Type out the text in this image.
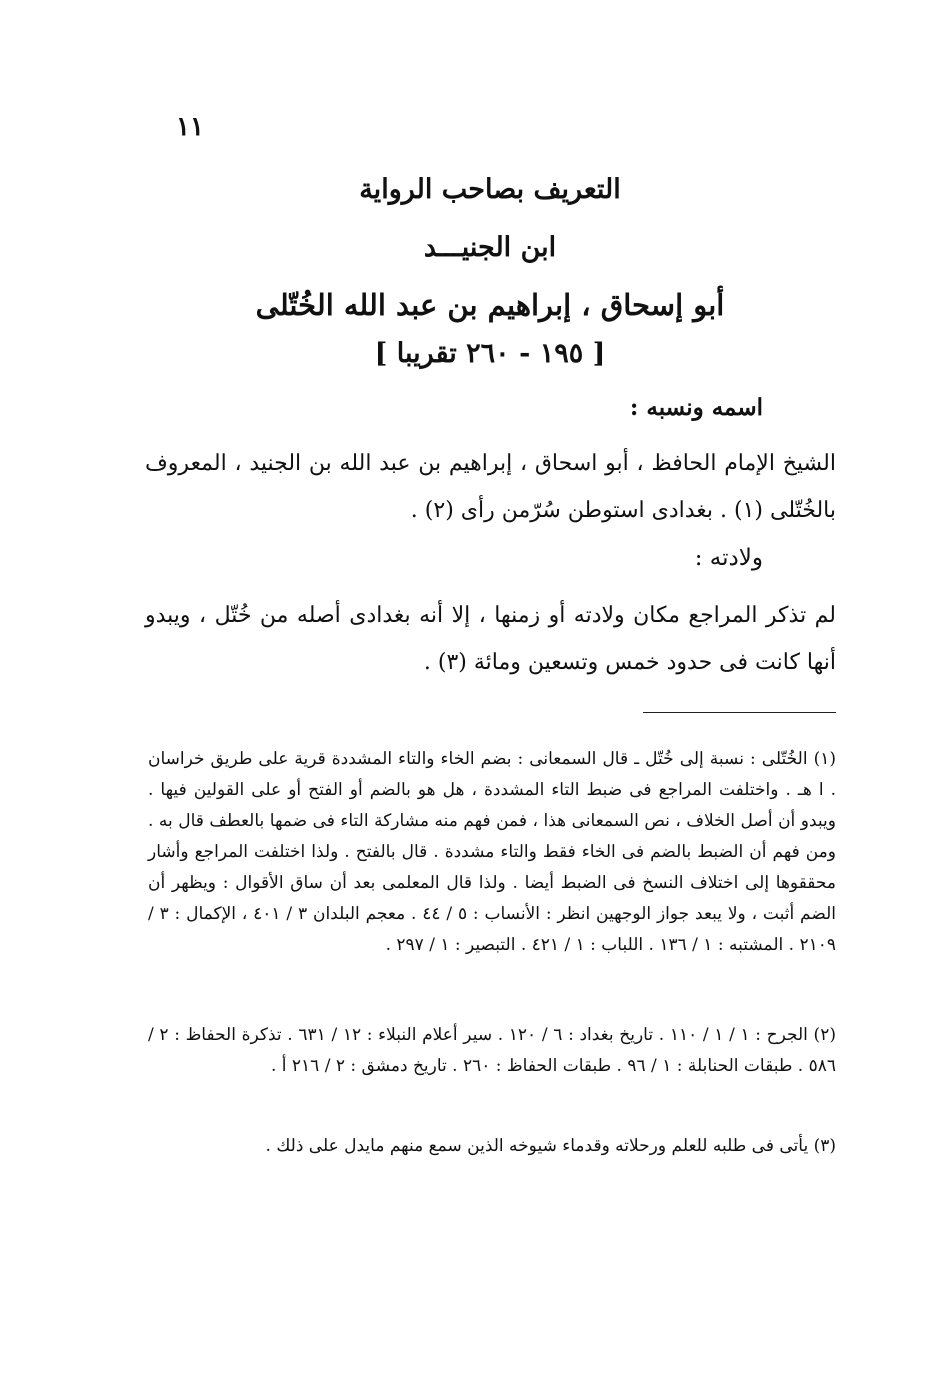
١١
التعريف بصاحب الرواية
ابن الجنيـــد
أبو إسحاق ، إبراهيم بن عبد الله الخُتّلى
[ ١٩٥ - ٢٦٠ تقريبا ]
اسمه ونسبه :
الشيخ الإمام الحافظ ، أبو اسحاق ، إبراهيم بن عبد الله بن الجنيد ، المعروف بالخُتّلى (١) . بغدادى استوطن سُرّمن رأى (٢) .
ولادته :
لم تذكر المراجع مكان ولادته أو زمنها ، إلا أنه بغدادى أصله من خُتّل ، ويبدو أنها كانت فى حدود خمس وتسعين ومائة (٣) .
(١) الخُتّلى : نسبة إلى خُتّل ـ قال السمعانى : بضم الخاء والتاء المشددة قرية على طريق خراسان . ا هـ . واختلفت المراجع فى ضبط التاء المشددة ، هل هو بالضم أو الفتح أو على القولين فيها . ويبدو أن أصل الخلاف ، نص السمعانى هذا ، فمن فهم منه مشاركة التاء فى ضمها بالعطف قال به . ومن فهم أن الضبط بالضم فى الخاء فقط والتاء مشددة . قال بالفتح . ولذا اختلفت المراجع وأشار محققوها إلى اختلاف النسخ فى الضبط أيضا . ولذا قال المعلمى بعد أن ساق الأقوال : ويظهر أن الضم أثبت ، ولا يبعد جواز الوجهين انظر : الأنساب : ٥ / ٤٤ . معجم البلدان ٣ / ٤٠١ ، الإكمال : ٣ / ٢١٠٩ . المشتبه : ١ / ١٣٦ . اللباب : ١ / ٤٢١ . التبصير : ١ / ٢٩٧ .
(٢) الجرح : ١ / ١ / ١١٠ . تاريخ بغداد : ٦ / ١٢٠ . سير أعلام النبلاء : ١٢ / ٦٣١ . تذكرة الحفاظ : ٢ / ٥٨٦ . طبقات الحنابلة : ١ / ٩٦ . طبقات الحفاظ : ٢٦٠ . تاريخ دمشق : ٢ / ٢١٦ أ .
(٣) يأتى فى طلبه للعلم ورحلاته وقدماء شيوخه الذين سمع منهم مايدل على ذلك .
